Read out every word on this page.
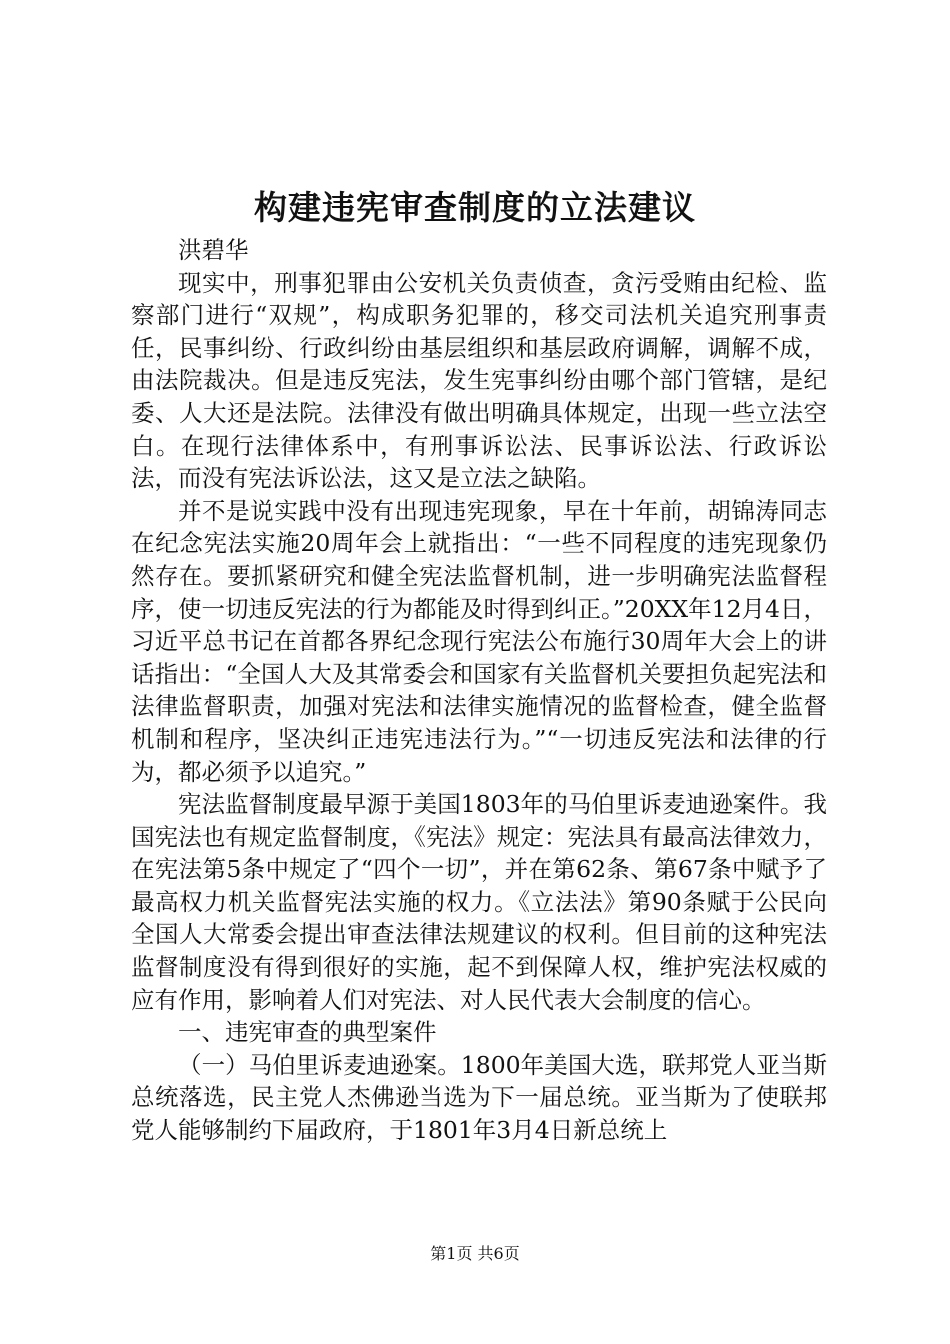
构建违宪审查制度的立法建议

洪碧华

现实中，刑事犯罪由公安机关负责侦查，贪污受贿由纪检、监察部门进行“双规”，构成职务犯罪的，移交司法机关追究刑事责任，民事纠纷、行政纠纷由基层组织和基层政府调解，调解不成，由法院裁决。但是违反宪法，发生宪事纠纷由哪个部门管辖，是纪委、人大还是法院。法律没有做出明确具体规定，出现一些立法空白。在现行法律体系中，有刑事诉讼法、民事诉讼法、行政诉讼法，而没有宪法诉讼法，这又是立法之缺陷。

并不是说实践中没有出现违宪现象，早在十年前，胡锦涛同志在纪念宪法实施20周年会上就指出：“一些不同程度的违宪现象仍然存在。要抓紧研究和健全宪法监督机制，进一步明确宪法监督程序，使一切违反宪法的行为都能及时得到纠正。”20XX年12月4日，习近平总书记在首都各界纪念现行宪法公布施行30周年大会上的讲话指出：“全国人大及其常委会和国家有关监督机关要担负起宪法和法律监督职责，加强对宪法和法律实施情况的监督检查，健全监督机制和程序，坚决纠正违宪违法行为。”“一切违反宪法和法律的行为，都必须予以追究。”

宪法监督制度最早源于美国1803年的马伯里诉麦迪逊案件。我国宪法也有规定监督制度，《宪法》规定：宪法具有最高法律效力，在宪法第5条中规定了“四个一切”，并在第62条、第67条中赋予了最高权力机关监督宪法实施的权力。《立法法》第90条赋于公民向全国人大常委会提出审查法律法规建议的权利。但目前的这种宪法监督制度没有得到很好的实施，起不到保障人权，维护宪法权威的应有作用，影响着人们对宪法、对人民代表大会制度的信心。

一、违宪审查的典型案件

（一）马伯里诉麦迪逊案。1800年美国大选，联邦党人亚当斯总统落选，民主党人杰佛逊当选为下一届总统。亚当斯为了使联邦党人能够制约下届政府，于1801年3月4日新总统上

第1页 共6页
